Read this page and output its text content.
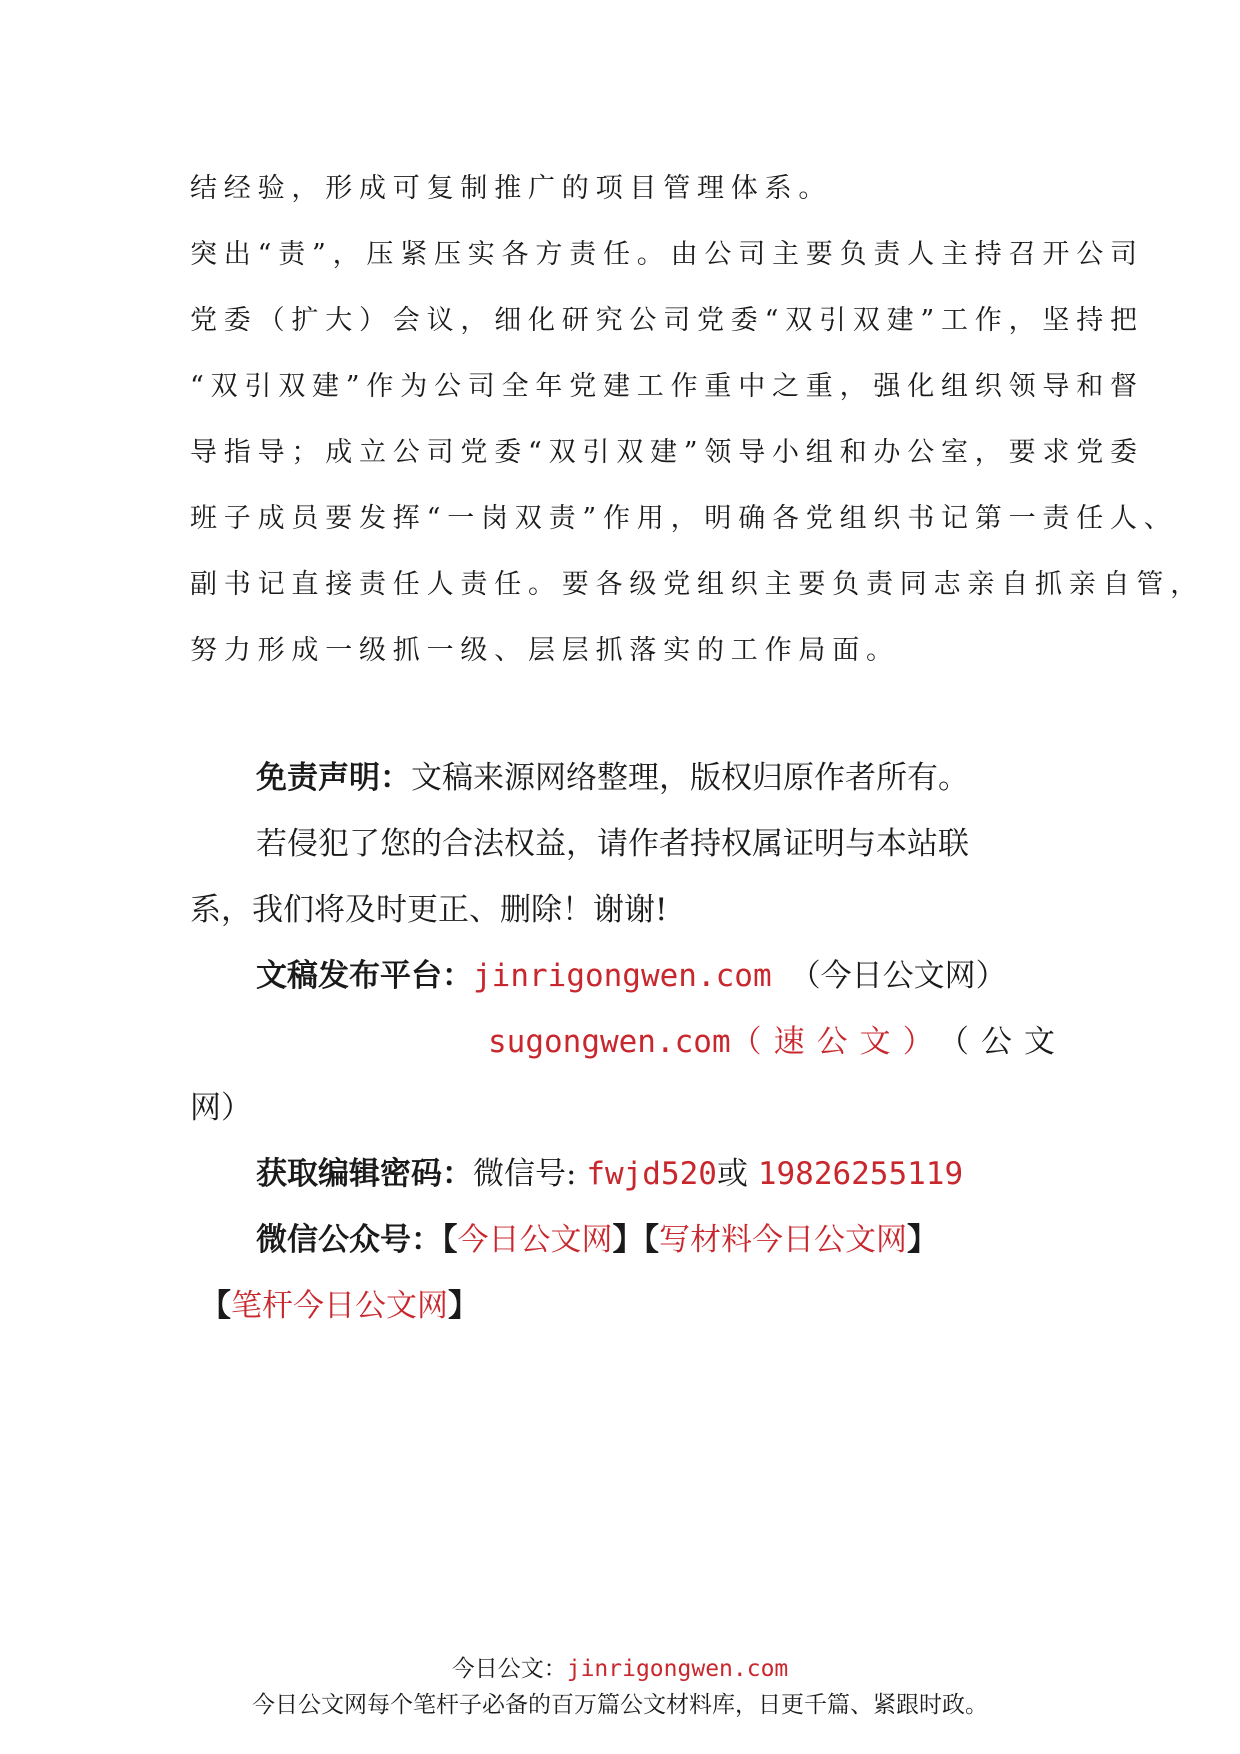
结经验，形成可复制推广的项目管理体系。
突出“责”，压紧压实各方责任。由公司主要负责人主持召开公司
党委（扩大）会议，细化研究公司党委“双引双建”工作，坚持把
“双引双建”作为公司全年党建工作重中之重，强化组织领导和督
导指导；成立公司党委“双引双建”领导小组和办公室，要求党委
班子成员要发挥“一岗双责”作用，明确各党组织书记第一责任人、
副书记直接责任人责任。要各级党组织主要负责同志亲自抓亲自管，
努力形成一级抓一级、层层抓落实的工作局面。
免责声明：文稿来源网络整理，版权归原作者所有。
若侵犯了您的合法权益，请作者持权属证明与本站联
系，我们将及时更正、删除！谢谢!
文稿发布平台：jinrigongwen.com （今日公文网）
sugongwen.com（速公文）
（公文
网）
获取编辑密码：微信号: fwjd520或 19826255119
微信公众号：【今日公文网】【写材料今日公文网】
【笔杆今日公文网】
今日公文：jinrigongwen.com
今日公文网每个笔杆子必备的百万篇公文材料库，日更千篇、紧跟时政。
